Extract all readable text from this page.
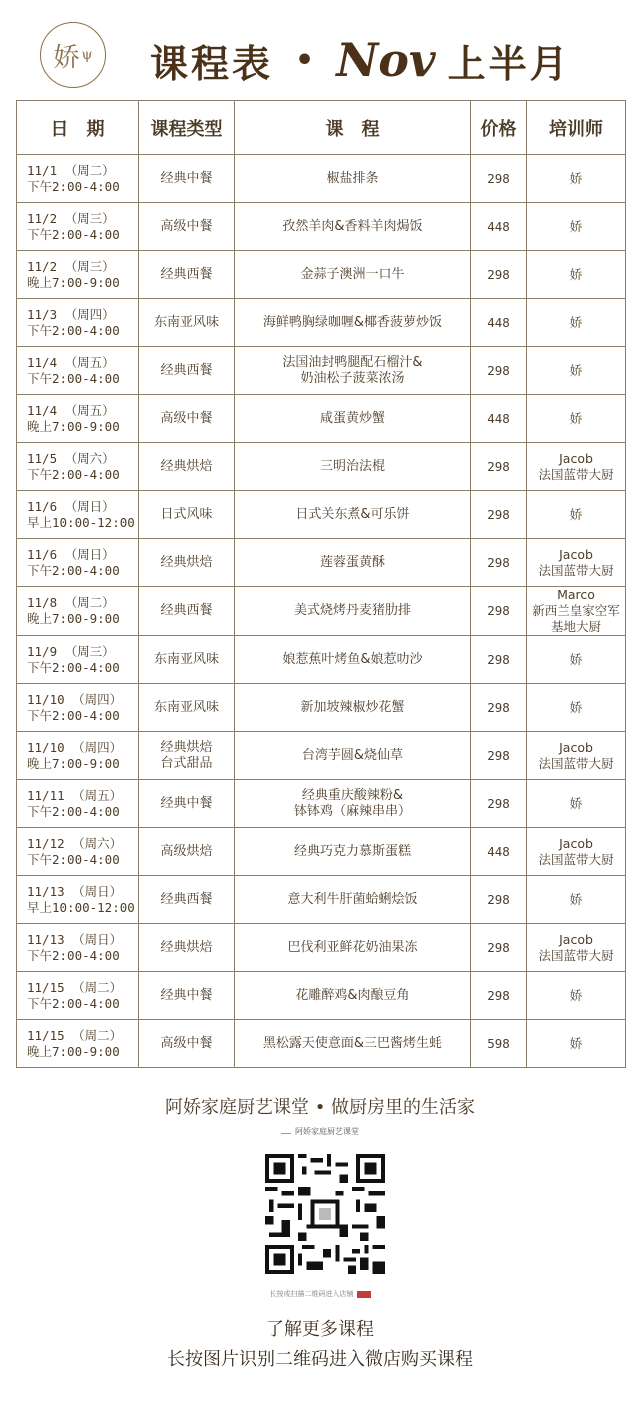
娇 ψ 课程表 • Nov 上半月
日　期	课程类型	课　程	价格	培训师

11/1 （周二）
下午2:00-4:00	经典中餐	椒盐排条	298	娇

11/2 （周三）
下午2:00-4:00	高级中餐	孜然羊肉&香料羊肉焗饭	448	娇

11/2 （周三）
晚上7:00-9:00	经典西餐	金蒜子澳洲一口牛	298	娇

11/3 （周四）
下午2:00-4:00	东南亚风味	海鲜鸭胸绿咖喱&椰香菠萝炒饭	448	娇

11/4 （周五）
下午2:00-4:00	经典西餐	法国油封鸭腿配石榴汁&
奶油松子菠菜浓汤	298	娇

11/4 （周五）
晚上7:00-9:00	高级中餐	咸蛋黄炒蟹	448	娇

11/5 （周六）
下午2:00-4:00	经典烘焙	三明治法棍	298	Jacob
法国蓝带大厨

11/6 （周日）
早上10:00-12:00	日式风味	日式关东煮&可乐饼	298	娇

11/6 （周日）
下午2:00-4:00	经典烘焙	莲蓉蛋黄酥	298	Jacob
法国蓝带大厨

11/8 （周二）
晚上7:00-9:00	经典西餐	美式烧烤丹麦猪肋排	298	Marco
新西兰皇家空军
基地大厨

11/9 （周三）
下午2:00-4:00	东南亚风味	娘惹蕉叶烤鱼&娘惹叻沙	298	娇

11/10 （周四）
下午2:00-4:00	东南亚风味	新加坡辣椒炒花蟹	298	娇

11/10 （周四）
晚上7:00-9:00	经典烘焙
台式甜品	台湾芋圆&烧仙草	298	Jacob
法国蓝带大厨

11/11 （周五）
下午2:00-4:00	经典中餐	经典重庆酸辣粉&
钵钵鸡（麻辣串串）	298	娇

11/12 （周六）
下午2:00-4:00	高级烘焙	经典巧克力慕斯蛋糕	448	Jacob
法国蓝带大厨

11/13 （周日）
早上10:00-12:00	经典西餐	意大利牛肝菌蛤蜊烩饭	298	娇

11/13 （周日）
下午2:00-4:00	经典烘焙	巴伐利亚鲜花奶油果冻	298	Jacob
法国蓝带大厨

11/15 （周二）
下午2:00-4:00	经典中餐	花雕醉鸡&肉酿豆角	298	娇

11/15 （周二）
晚上7:00-9:00	高级中餐	黑松露天使意面&三巴酱烤生蚝	598	娇
阿娇家庭厨艺课堂 • 做厨房里的生活家
阿娇家庭厨艺课堂
长按或扫描二维码进入店铺
了解更多课程
长按图片识别二维码进入微店购买课程
